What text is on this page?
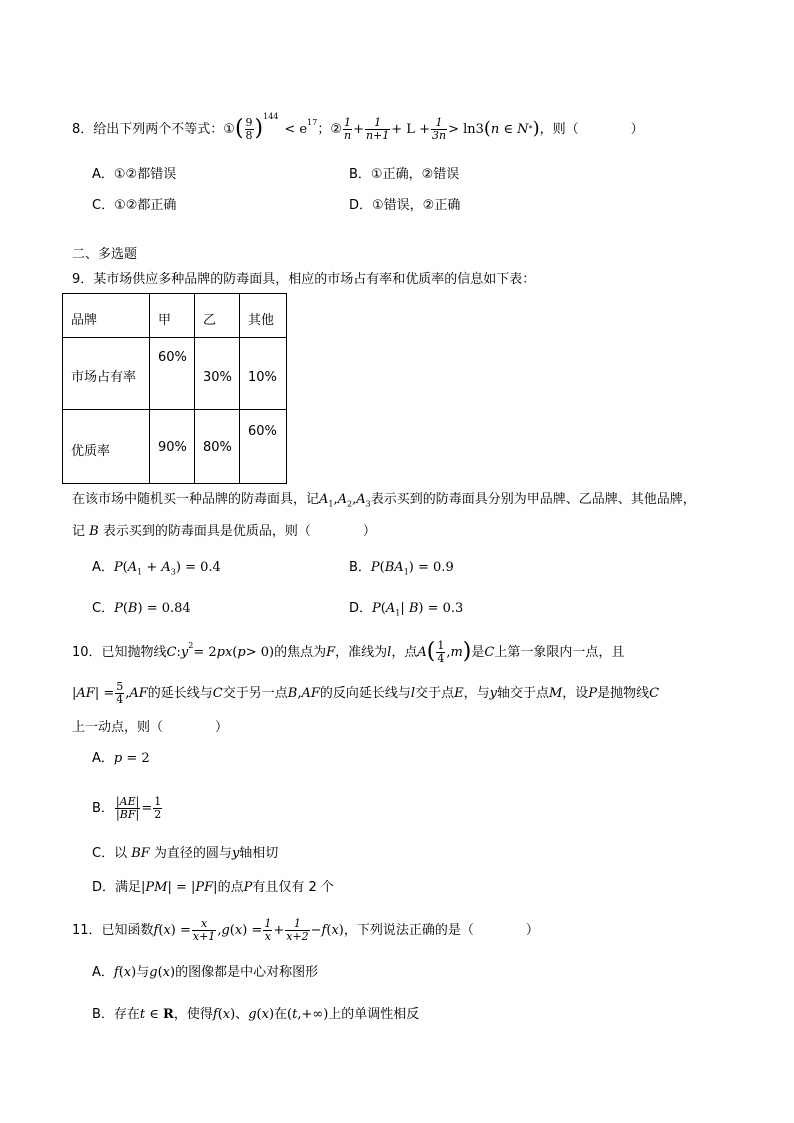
8．给出下列两个不等式：① ( $\frac{9}{8}$ ) 144
< $e^{17}$ ；② $\frac{1}{n} + \frac{1}{n+1} + L + \frac{1}{3n} > \ln 3$ ( n ∈ N * ) ，则（　　　　）
A．①②都错误	B．①正确，②错误
C．①②都正确	D．①错误，②正确
二、多选题
9．某市场供应多种品牌的防毒面具，相应的市场占有率和优质率的信息如下表：
品牌	甲	乙	其他

市场占有率	60%	30%	10%

优质率	90%	80%	60%
在该市场中随机买一种品牌的防毒面具，记$A_1,A_2,A_3$表示买到的防毒面具分别为甲品牌、乙品牌、其他品牌，
记 B 表示买到的防毒面具是优质品，则（　　　　）
A．$P(A_1 + A_3) = 0.4$	B．$P(BA_1) = 0.9$
C．P(B) = 0.84	D．$P(A_1|$ B) = 0.3
10．已知抛物线 C : $y^2 = 2$ px ( p > 0) 的焦点为 F ，准线为 l ，点 A ( $\frac{1}{4}$ , m ) 是 C 上第一象限内一点，且
| AF | = $\frac{5}{4}$ , AF 的延长线与 C 交于另一点 B , AF 的反向延长线与 l 交于点 E ，与 y 轴交于点 M ，设 P 是抛物线 C
上一动点，则（　　　　）
A．p = 2
B． $\frac{|AE|}{|BF|} = \frac{1}{2}$
C．以 BF 为直径的圆与y轴相切
D．满足|PM| = |PF|的点P有且仅有 2 个
11．已知函数 f ( x ) = $\frac{x}{x+1}$ , g ( x ) = $\frac{1}{x} + \frac{1}{x+2} - f$ ( x ) ，下列说法正确的是（　　　　）
A．f(x)与g(x)的图像都是中心对称图形
B．存在t ∈ R，使得f(x)、g(x)在(t,+∞)上的单调性相反
